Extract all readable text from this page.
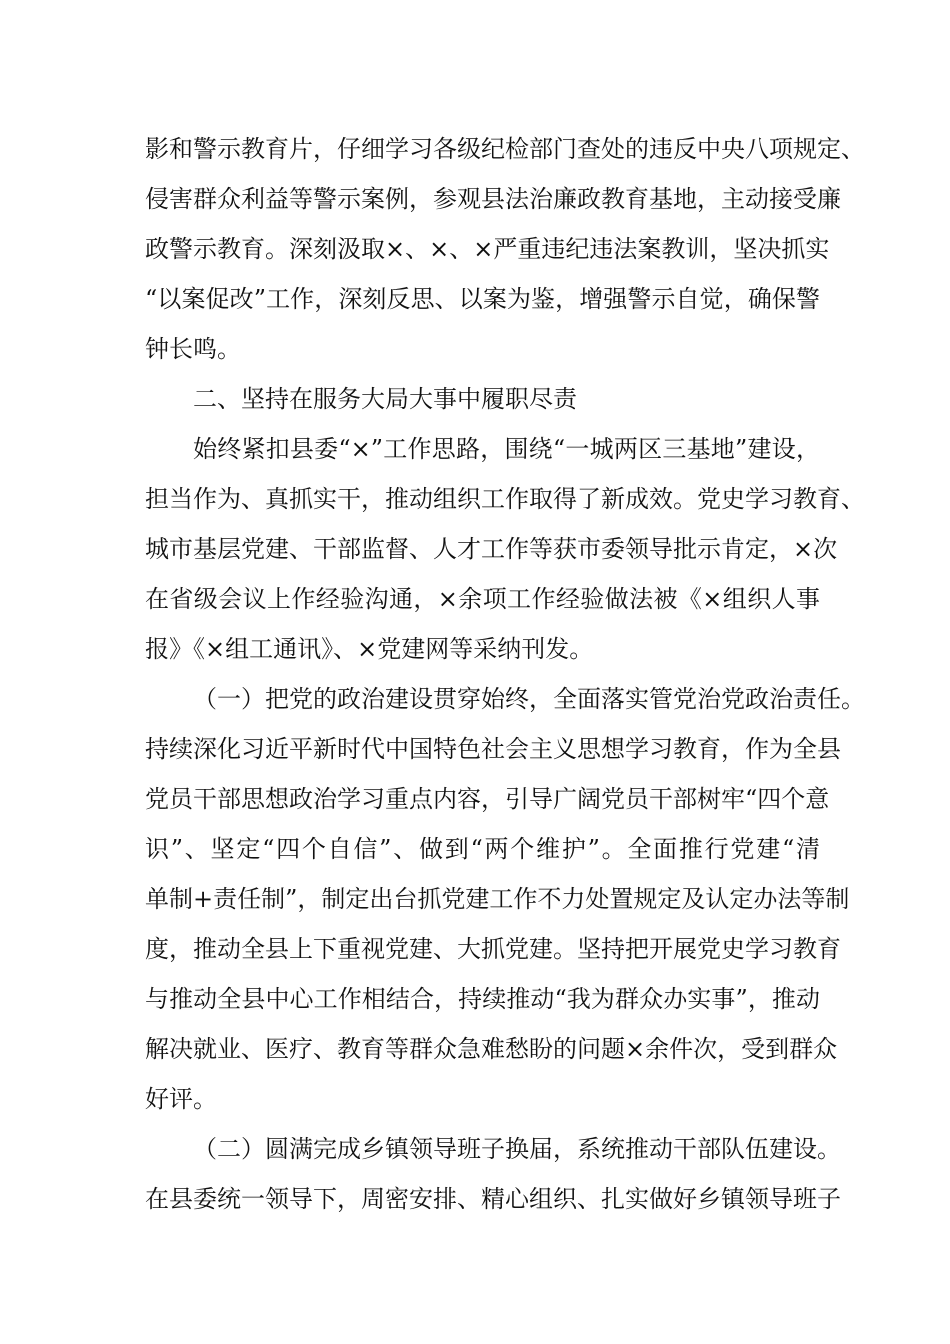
影和警示教育片，仔细学习各级纪检部门查处的违反中央八项规定、
侵害群众利益等警示案例，参观县法治廉政教育基地，主动接受廉
政警示教育。深刻汲取×、×、×严重违纪违法案教训，坚决抓实
“以案促改”工作，深刻反思、以案为鉴，增强警示自觉，确保警
钟长鸣。
二、坚持在服务大局大事中履职尽责
始终紧扣县委“×”工作思路，围绕“一城两区三基地”建设，
担当作为、真抓实干，推动组织工作取得了新成效。党史学习教育、
城市基层党建、干部监督、人才工作等获市委领导批示肯定，×次
在省级会议上作经验沟通，×余项工作经验做法被《×组织人事
报》《×组工通讯》、×党建网等采纳刊发。
（一）把党的政治建设贯穿始终，全面落实管党治党政治责任。
持续深化习近平新时代中国特色社会主义思想学习教育，作为全县
党员干部思想政治学习重点内容，引导广阔党员干部树牢“四个意
识”、坚定“四个自信”、做到“两个维护”。全面推行党建“清
单制+责任制”，制定出台抓党建工作不力处置规定及认定办法等制
度，推动全县上下重视党建、大抓党建。坚持把开展党史学习教育
与推动全县中心工作相结合，持续推动“我为群众办实事”，推动
解决就业、医疗、教育等群众急难愁盼的问题×余件次，受到群众
好评。
（二）圆满完成乡镇领导班子换届，系统推动干部队伍建设。
在县委统一领导下，周密安排、精心组织、扎实做好乡镇领导班子
